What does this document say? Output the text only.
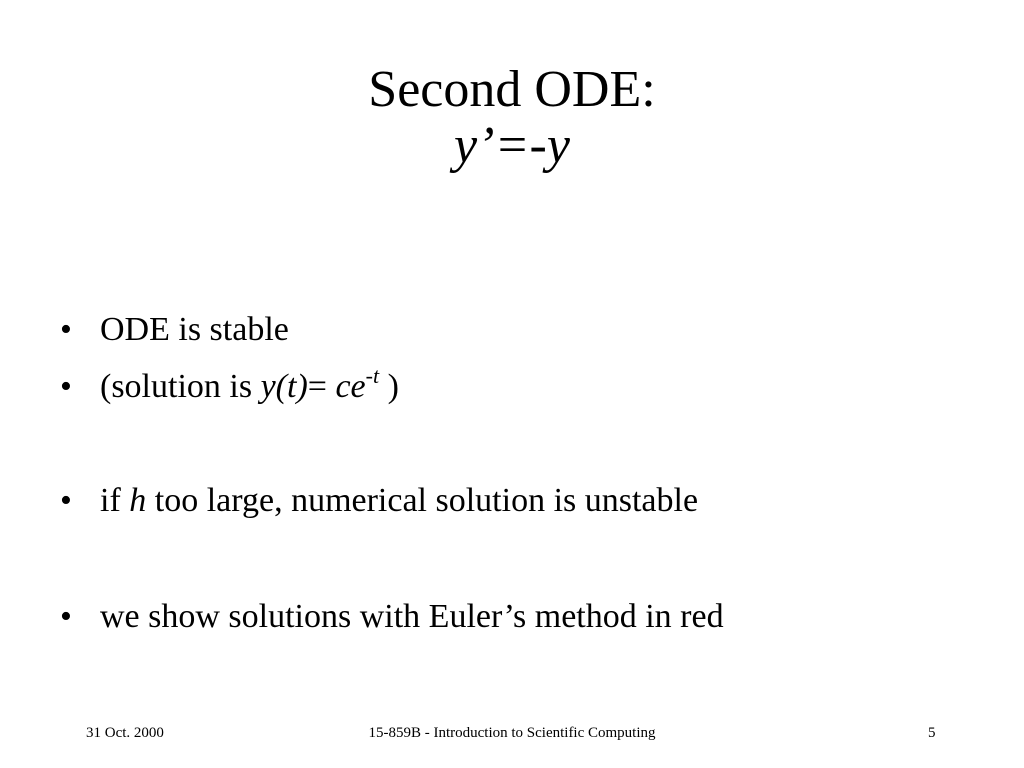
Second ODE:
y’=-y
• ODE is stable
• (solution is $y(t)= ce^{-t}$ )
• if h too large, numerical solution is unstable
• we show solutions with Euler’s method in red
31 Oct. 2000	15-859B - Introduction to Scientific Computing	5
